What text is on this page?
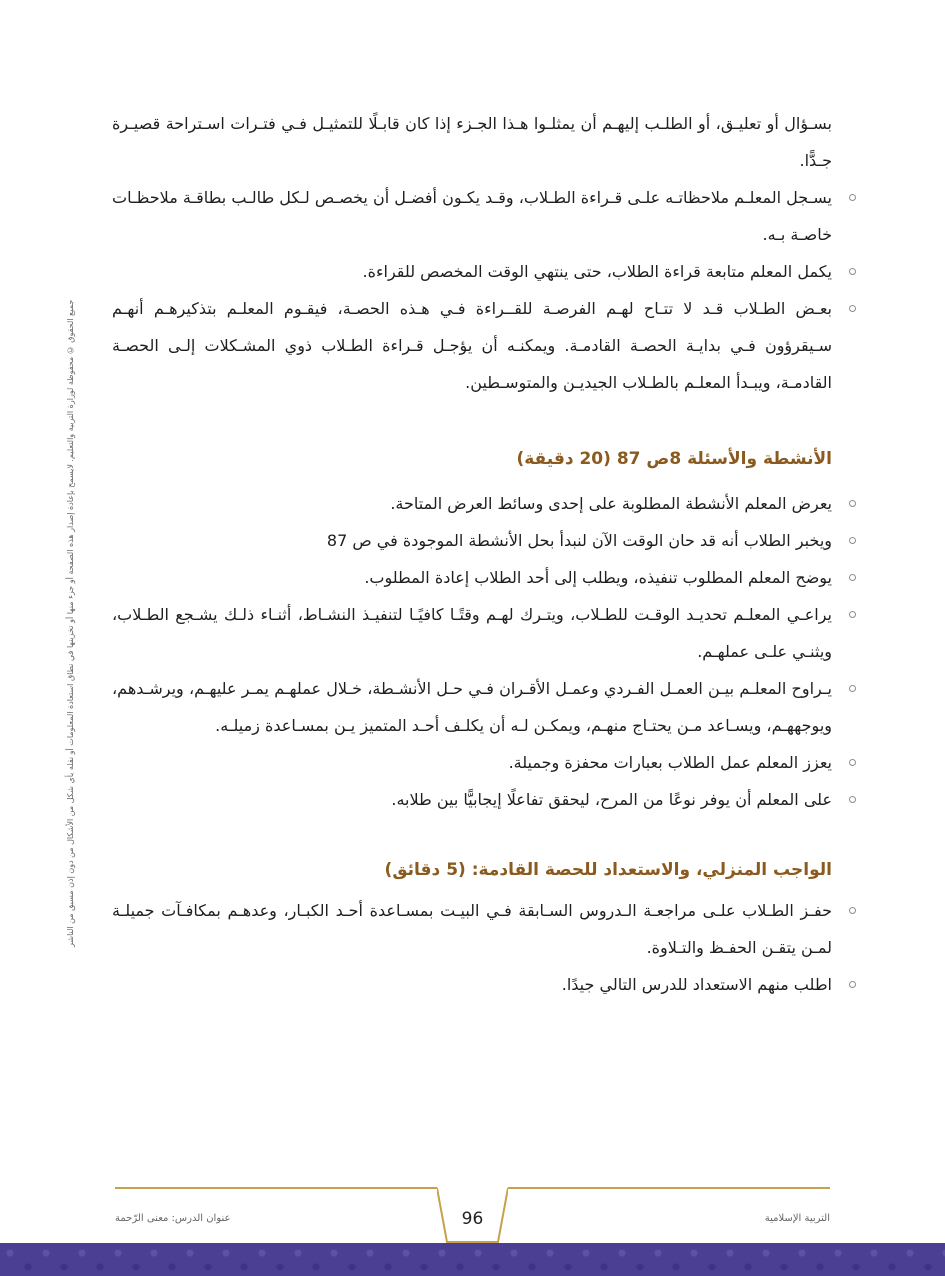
بسـؤال أو تعليـق، أو الطلـب إليهـم أن يمثلـوا هـذا الجـزء إذا كان قابـلًا للتمثيـل فـي فتـرات اسـتراحة قصيـرة جـدًّا.

يسـجل المعلـم ملاحظاتـه علـى قـراءة الطـلاب، وقـد يكـون أفضـل أن يخصـص لـكل طالـب بطاقـة ملاحظـات خاصـة بـه.
يكمل المعلم متابعة قراءة الطلاب، حتى ينتهي الوقت المخصص للقراءة.
بعـض الطـلاب قـد لا تتـاح لهـم الفرصـة للقــراءة فـي هـذه الحصـة، فيقـوم المعلـم بتذكيرهـم أنهـم سـيقرؤون فـي بدايـة الحصـة القادمـة. ويمكنـه أن يؤجـل قـراءة الطـلاب ذوي المشـكلات إلـى الحصـة القادمـة، ويبـدأ المعلـم بالطـلاب الجيديـن والمتوسـطين.
الأنشطة والأسئلة 8ص 87 (20 دقيقة)
يعرض المعلم الأنشطة المطلوبة على إحدى وسائط العرض المتاحة.
ويخبر الطلاب أنه قد حان الوقت الآن لنبدأ بحل الأنشطة الموجودة في ص 87
يوضح المعلم المطلوب تنفيذه، ويطلب إلى أحد الطلاب إعادة المطلوب.
يراعـي المعلـم تحديـد الوقـت للطـلاب، ويتـرك لهـم وقتًـا كافيًـا لتنفيـذ النشـاط، أثنـاء ذلـك يشـجع الطـلاب، ويثنـي علـى عملهـم.
يـراوح المعلـم بيـن العمـل الفـردي وعمـل الأقـران فـي حـل الأنشـطة، خـلال عملهـم يمـر عليهـم، ويرشـدهم، ويوجههـم، ويسـاعد مـن يحتـاج منهـم، ويمكـن لـه أن يكلـف أحـد المتميز يـن بمسـاعدة زميلـه.
يعزز المعلم عمل الطلاب بعبارات محفزة وجميلة.
على المعلم أن يوفر نوعًا من المرح، ليحقق تفاعلًا إيجابيًّا بين طلابه.
الواجب المنزلي، والاستعداد للحصة القادمة: (5 دقائق)
حفـز الطـلاب علـى مراجعـة الـدروس السـابقة فـي البيـت بمسـاعدة أحـد الكبـار، وعدهـم بمكافـآت جميلـة لمـن يتقـن الحفـظ والتـلاوة.
اطلب منهم الاستعداد للدرس التالي جيدًا.
جميع الحقوق © محفوظة لوزارة التربية والتعليم. لايسمح بإعادة إصدار هذه الصفحة أو جزء منها أو تخزينها في نطاق استعادة المعلومات أو نقله بأي شكل من الأشكال من دون إذن مسبق من الناشر
96
عنوان الدرس: معنى الرّحمة	التربية الإسلامية
